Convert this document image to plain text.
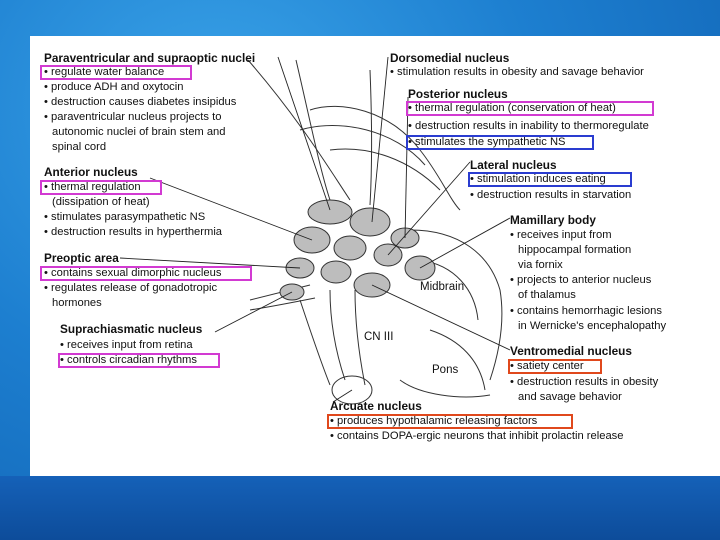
Paraventricular and supraoptic nuclei
• regulate water balance
• produce ADH and oxytocin
• destruction causes diabetes insipidus
• paraventricular nucleus projects to
autonomic nuclei of brain stem and
spinal cord
Anterior nucleus
• thermal regulation
(dissipation of heat)
• stimulates parasympathetic NS
• destruction results in hyperthermia
Preoptic area
• contains sexual dimorphic nucleus
• regulates release of gonadotropic
hormones
Suprachiasmatic nucleus
• receives input from retina
• controls circadian rhythms
Dorsomedial nucleus
• stimulation results in obesity and savage behavior
Posterior nucleus
• thermal regulation (conservation of heat)
• destruction results in inability to thermoregulate
• stimulates the sympathetic NS
Lateral nucleus
• stimulation induces eating
• destruction results in starvation
Mamillary body
• receives input from
hippocampal formation
via fornix
• projects to anterior nucleus
of thalamus
• contains hemorrhagic lesions
in Wernicke's encephalopathy
Ventromedial nucleus
• satiety center
• destruction results in obesity
and savage behavior
Arcuate nucleus
• produces hypothalamic releasing factors
• contains DOPA-ergic neurons that inhibit prolactin release
Midbrain
CN III
Pons
